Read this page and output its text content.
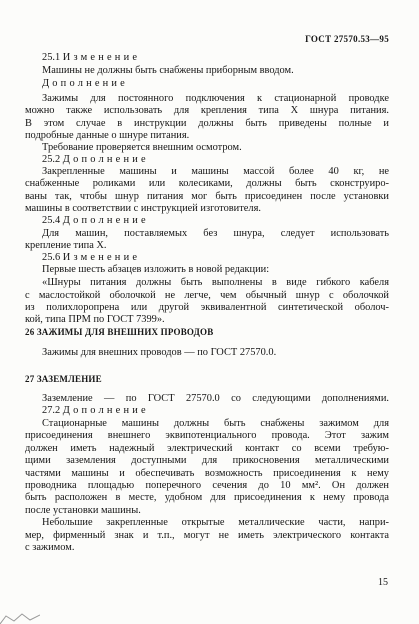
ГОСТ 27570.53—95
25.1 Изменение
Машины не должны быть снабжены приборным вводом.
Дополнение
Зажимы для постоянного подключения к стационарной проводке
можно также использовать для крепления типа X шнура питания.
В этом случае в инструкции должны быть приведены полные и
подробные данные о шнуре питания.
Требование проверяется внешним осмотром.
25.2 Дополнение
Закрепленные машины и машины массой более 40 кг, не
снабженные роликами или колесиками, должны быть сконструиро-
ваны так, чтобы шнур питания мог быть присоединен после установки
машины в соответствии с инструкцией изготовителя.
25.4 Дополнение
Для машин, поставляемых без шнура, следует использовать
крепление типа X.
25.6 Изменение
Первые шесть абзацев изложить в новой редакции:
«Шнуры питания должны быть выполнены в виде гибкого кабеля
с маслостойкой оболочкой не легче, чем обычный шнур с оболочкой
из полихлоропрена или другой эквивалентной синтетической оболоч-
кой, типа ПРМ по ГОСТ 7399».
Зажимы для внешних проводов — по ГОСТ 27570.0.
Заземление — по ГОСТ 27570.0 со следующими дополнениями.
27.2 Дополнение
Стационарные машины должны быть снабжены зажимом для
присоединения внешнего эквипотенциального провода. Этот зажим
должен иметь надежный электрический контакт со всеми требую-
щими заземления доступными для прикосновения металлическими
частями машины и обеспечивать возможность присоединения к нему
проводника площадью поперечного сечения до 10 мм². Он должен
быть расположен в месте, удобном для присоединения к нему провода
после установки машины.
Небольшие закрепленные открытые металлические части, напри-
мер, фирменный знак и т.п., могут не иметь электрического контакта
с зажимом.
26 ЗАЖИМЫ ДЛЯ ВНЕШНИХ ПРОВОДОВ
27 ЗАЗЕМЛЕНИЕ
15
